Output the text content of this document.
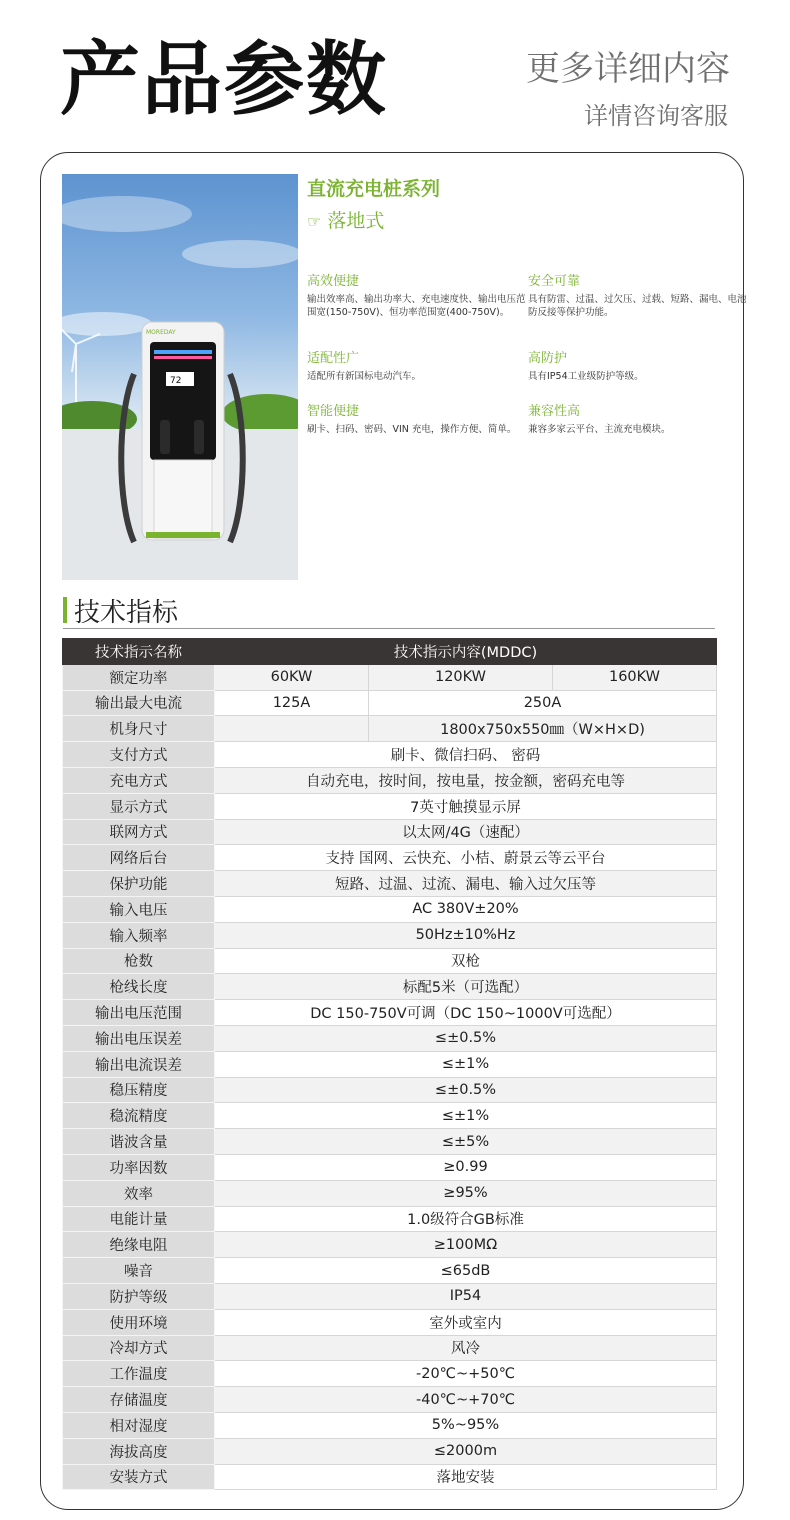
产品参数	更多详细内容
详情咨询客服
72
MOREDAY
直流充电桩系列
☞ 落地式
高效便捷
输出效率高、输出功率大、充电速度快、输出电压范围宽(150-750V)、恒功率范围宽(400-750V)。
安全可靠
具有防雷、过温、过欠压、过载、短路、漏电、电池防反接等保护功能。
适配性广
适配所有新国标电动汽车。
高防护
具有IP54工业级防护等级。
智能便捷
刷卡、扫码、密码、VIN 充电，操作方便、简单。
兼容性高
兼容多家云平台、主流充电模块。
技术指标
技术指示名称	技术指示内容(MDDC)		
额定功率	60KW	120KW	160KW
输出最大电流	125A	250A	
机身尺寸		1800x750x550㎜（W×H×D)	
支付方式	刷卡、微信扫码、 密码		
充电方式	自动充电，按时间，按电量，按金额，密码充电等		
显示方式	7英寸触摸显示屏		
联网方式	以太网/4G（速配）		
网络后台	支持 国网、云快充、小桔、蔚景云等云平台		
保护功能	短路、过温、过流、漏电、输入过欠压等		
输入电压	AC 380V±20%		
输入频率	50Hz±10%Hz		
枪数	双枪		
枪线长度	标配5米（可选配）		
输出电压范围	DC 150-750V可调（DC 150~1000V可选配）		
输出电压误差	≤±0.5%		
输出电流误差	≤±1%		
稳压精度	≤±0.5%		
稳流精度	≤±1%		
谐波含量	≤±5%		
功率因数	≥0.99		
效率	≥95%		
电能计量	1.0级符合GB标准		
绝缘电阻	≥100MΩ		
噪音	≤65dB		
防护等级	IP54		
使用环境	室外或室内		
冷却方式	风冷		
工作温度	-20℃~+50℃		
存储温度	-40℃~+70℃		
相对湿度	5%~95%		
海拔高度	≤2000m		
安装方式	落地安装		
